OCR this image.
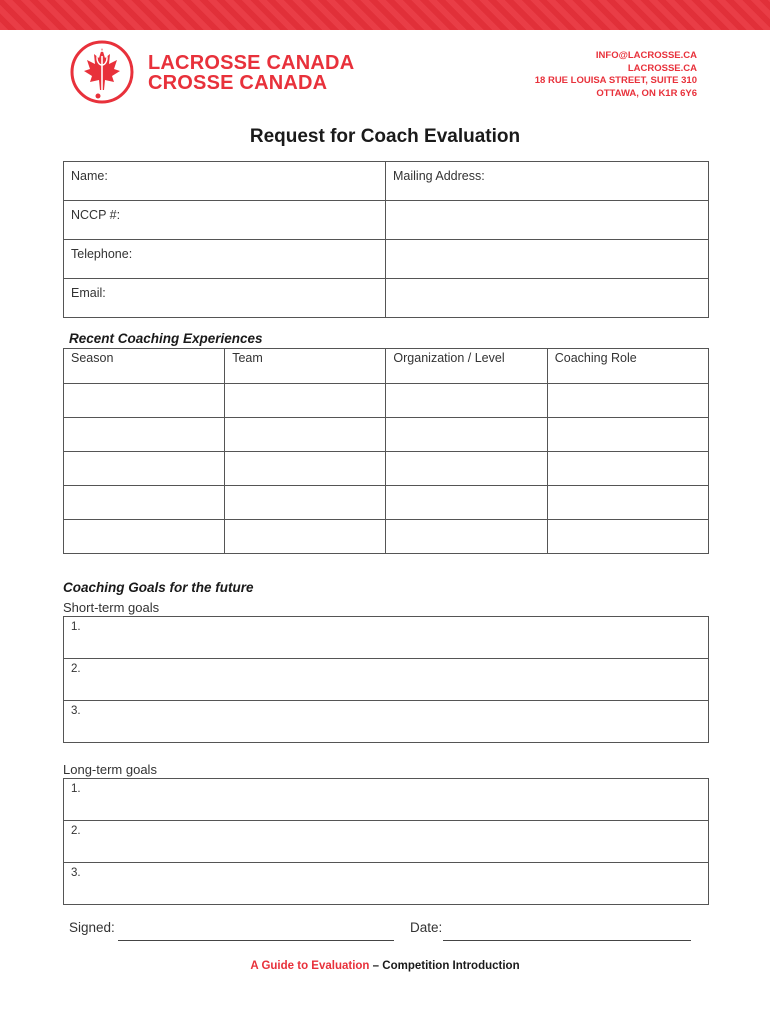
LACROSSE CANADA
CROSSE CANADA
INFO@LACROSSE.CA
LACROSSE.CA
18 RUE LOUISA STREET, SUITE 310
OTTAWA, ON K1R 6Y6
Request for Coach Evaluation
Name:	Mailing Address:
NCCP #:	
Telephone:	
Email:	
Recent Coaching Experiences
Season	Team	Organization / Level	Coaching Role

Coaching Goals for the future
Short-term goals
1.
2.
3.
Long-term goals
1.
2.
3.
Signed:	Date:
A Guide to Evaluation – Competition Introduction
